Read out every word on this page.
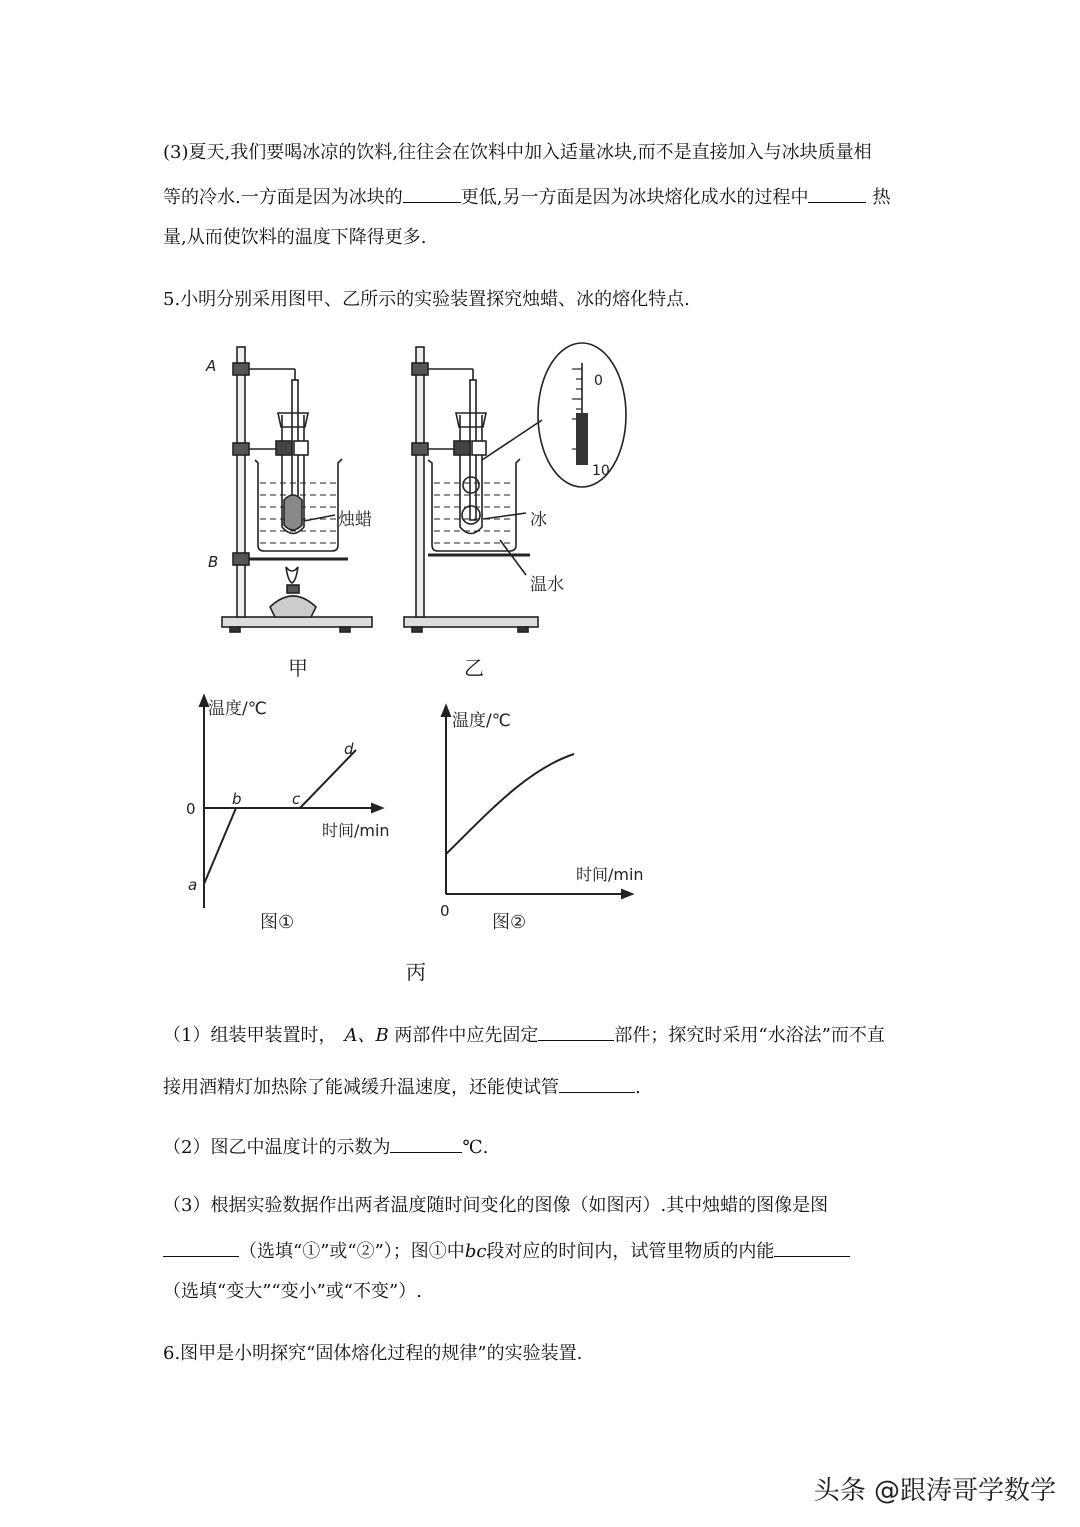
(3)夏天,我们要喝冰凉的饮料,往往会在饮料中加入适量冰块,而不是直接加入与冰块质量相
等的冷水.一方面是因为冰块的	更低,另一方面是因为冰块熔化成水的过程中	热
量,从而使饮料的温度下降得更多.
5.小明分别采用图甲、乙所示的实验装置探究烛蜡、冰的熔化特点.
A
B
烛蜡	冰
温水
0
10
甲	乙
温度/℃
时间/min
0
a
b	c
d
图①
温度/℃
时间/min
0
图②
丙
（1）组装甲装置时， A、B 两部件中应先固定	部件；探究时采用“水浴法”而不直
接用酒精灯加热除了能减缓升温速度，还能使试管	.
（2）图乙中温度计的示数为	℃.
（3）根据实验数据作出两者温度随时间变化的图像（如图丙）.其中烛蜡的图像是图
（选填“①”或“②”）；图①中bc段对应的时间内，试管里物质的内能
（选填“变大”“变小”或“不变”）.
6.图甲是小明探究“固体熔化过程的规律”的实验装置.
头条 @跟涛哥学数学
